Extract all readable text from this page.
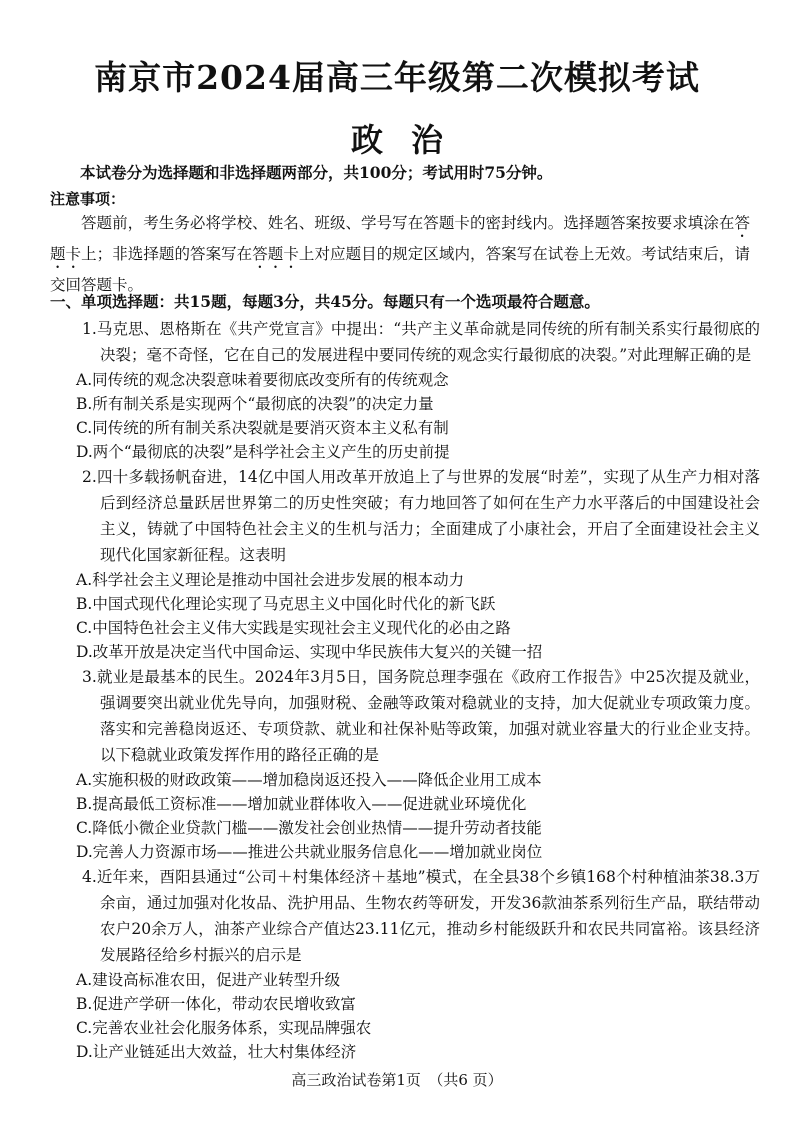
南京市2024届高三年级第二次模拟考试
政治
本试卷分为选择题和非选择题两部分，共100分；考试用时75分钟。
注意事项：
答题前，考生务必将学校、姓名、班级、学号写在答题卡的密封线内。选择题答案按要求填涂在答题卡上；非选择题的答案写在答题卡上对应题目的规定区域内，答案写在试卷上无效。考试结束后，请交回答题卡。
一、单项选择题：共15题，每题3分，共45分。每题只有一个选项最符合题意。
1.马克思、恩格斯在《共产党宣言》中提出：“共产主义革命就是同传统的所有制关系实行最彻底的决裂；毫不奇怪，它在自己的发展进程中要同传统的观念实行最彻底的决裂。”对此理解正确的是
A.同传统的观念决裂意味着要彻底改变所有的传统观念
B.所有制关系是实现两个“最彻底的决裂”的决定力量
C.同传统的所有制关系决裂就是要消灭资本主义私有制
D.两个“最彻底的决裂”是科学社会主义产生的历史前提
2.四十多载扬帆奋进，14亿中国人用改革开放追上了与世界的发展“时差”，实现了从生产力相对落后到经济总量跃居世界第二的历史性突破；有力地回答了如何在生产力水平落后的中国建设社会主义，铸就了中国特色社会主义的生机与活力；全面建成了小康社会，开启了全面建设社会主义现代化国家新征程。这表明
A.科学社会主义理论是推动中国社会进步发展的根本动力
B.中国式现代化理论实现了马克思主义中国化时代化的新飞跃
C.中国特色社会主义伟大实践是实现社会主义现代化的必由之路
D.改革开放是决定当代中国命运、实现中华民族伟大复兴的关键一招
3.就业是最基本的民生。2024年3月5日，国务院总理李强在《政府工作报告》中25次提及就业，强调要突出就业优先导向，加强财税、金融等政策对稳就业的支持，加大促就业专项政策力度。落实和完善稳岗返还、专项贷款、就业和社保补贴等政策，加强对就业容量大的行业企业支持。以下稳就业政策发挥作用的路径正确的是
A.实施积极的财政政策——增加稳岗返还投入——降低企业用工成本
B.提高最低工资标准——增加就业群体收入——促进就业环境优化
C.降低小微企业贷款门槛——激发社会创业热情——提升劳动者技能
D.完善人力资源市场——推进公共就业服务信息化——增加就业岗位
4.近年来，酉阳县通过“公司＋村集体经济＋基地”模式，在全县38个乡镇168个村种植油茶38.3万余亩，通过加强对化妆品、洗护用品、生物农药等研发，开发36款油茶系列衍生产品，联结带动农户20余万人，油茶产业综合产值达23.11亿元，推动乡村能级跃升和农民共同富裕。该县经济发展路径给乡村振兴的启示是
A.建设高标准农田，促进产业转型升级
B.促进产学研一体化，带动农民增收致富
C.完善农业社会化服务体系，实现品牌强农
D.让产业链延出大效益，壮大村集体经济
高三政治试卷第1页　（共6 页）
